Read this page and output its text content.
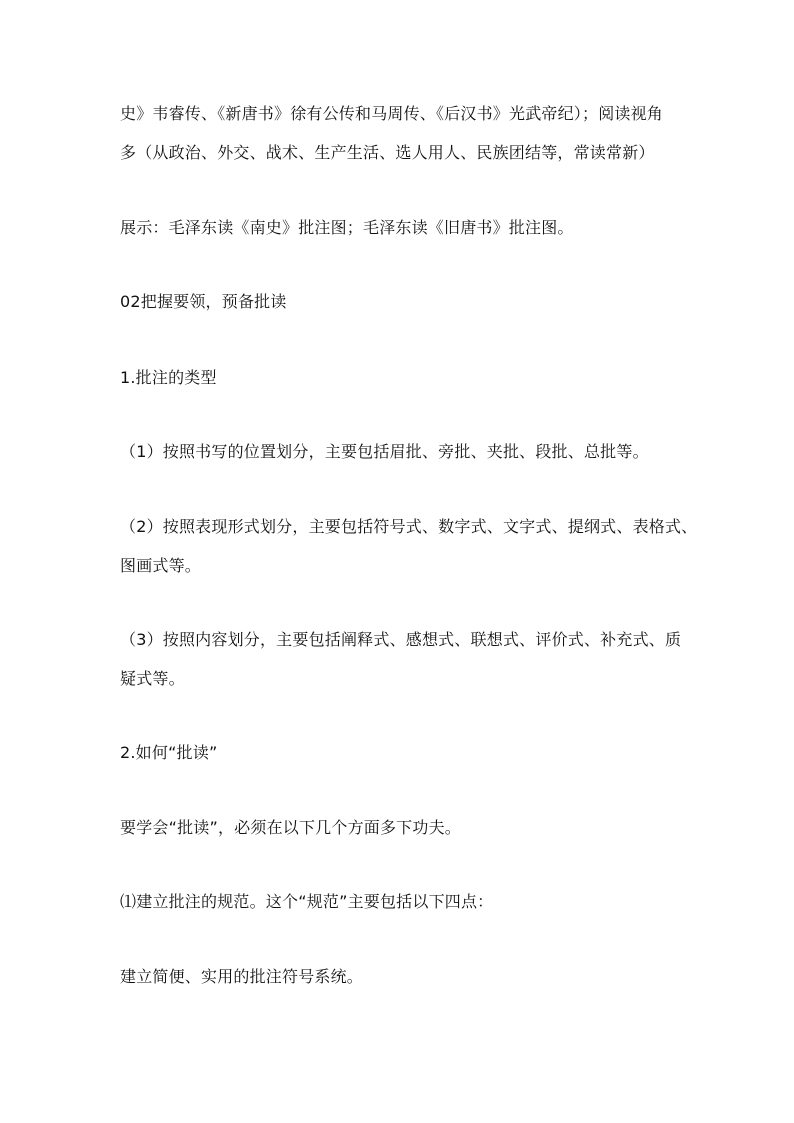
史》韦睿传、《新唐书》徐有公传和马周传、《后汉书》光武帝纪）；阅读视角
多（从政治、外交、战术、生产生活、选人用人、民族团结等，常读常新）
展示：毛泽东读《南史》批注图；毛泽东读《旧唐书》批注图。
02把握要领，预备批读
1.批注的类型
（1）按照书写的位置划分，主要包括眉批、旁批、夹批、段批、总批等。
（2）按照表现形式划分，主要包括符号式、数字式、文字式、提纲式、表格式、
图画式等。
（3）按照内容划分，主要包括阐释式、感想式、联想式、评价式、补充式、质
疑式等。
2.如何“批读”
要学会“批读”，必须在以下几个方面多下功夫。
⑴建立批注的规范。这个“规范”主要包括以下四点：
建立简便、实用的批注符号系统。
